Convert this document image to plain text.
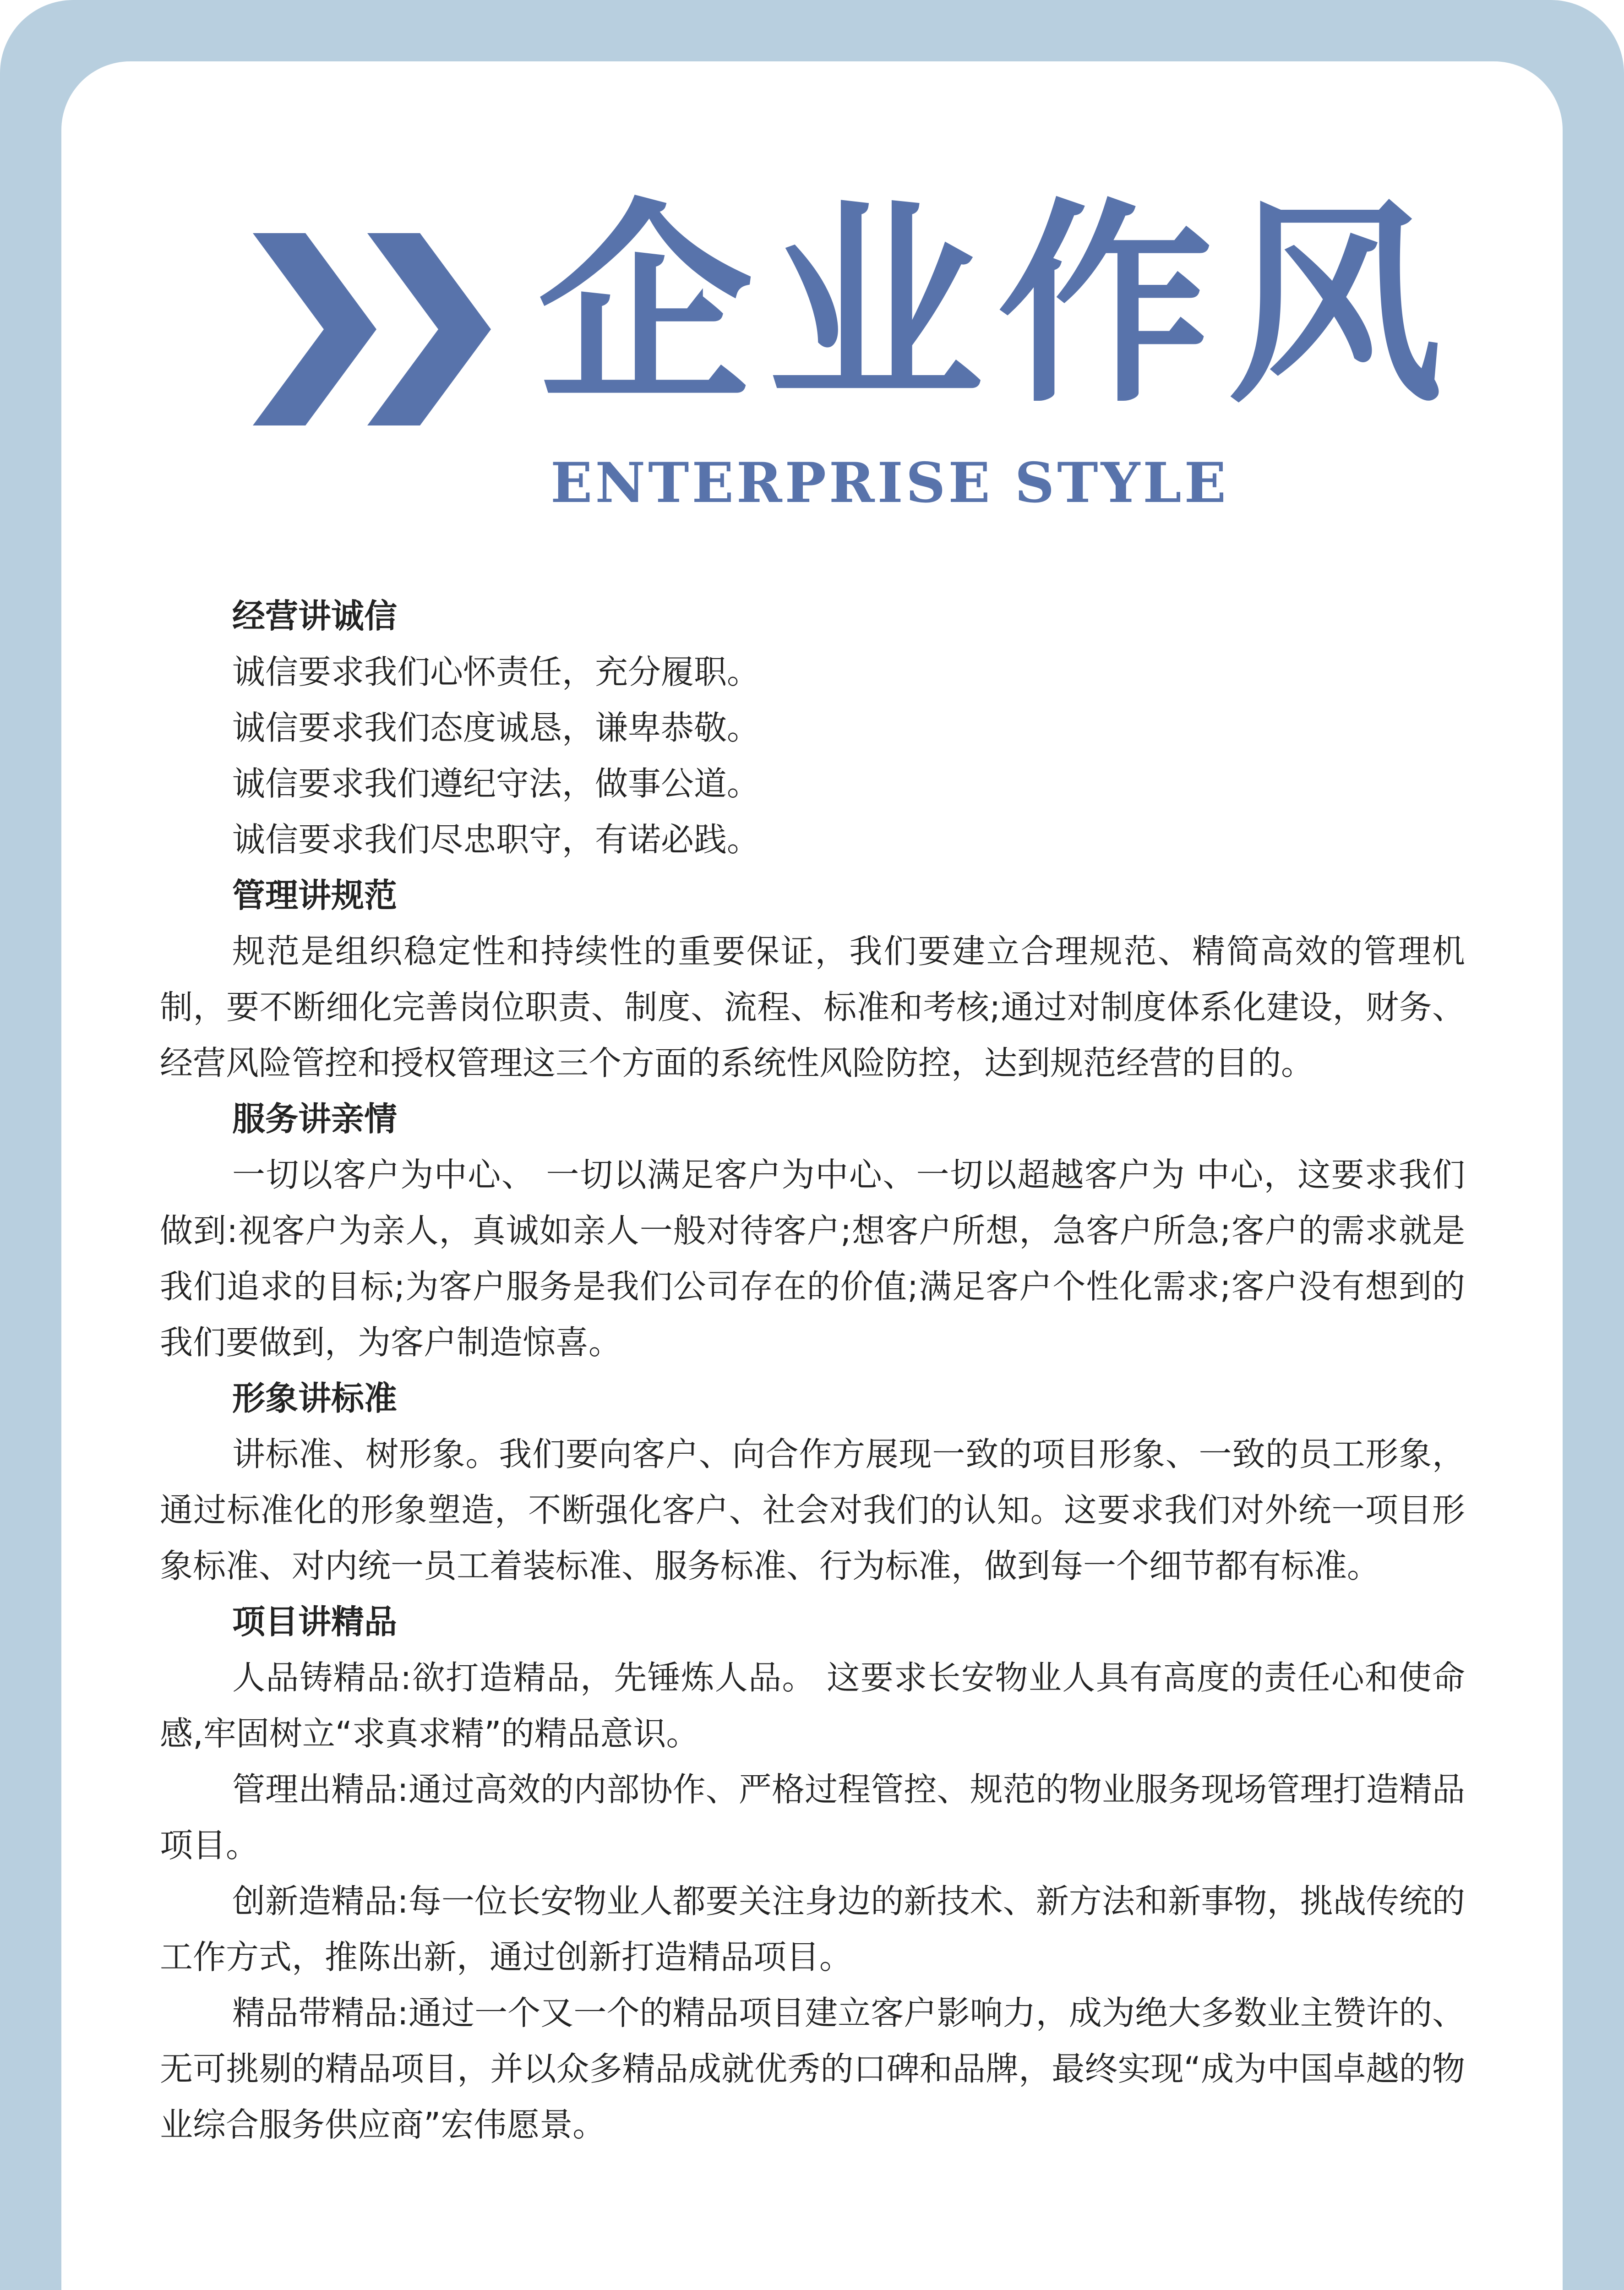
企业作风
ENTERPRISE STYLE

经营讲诚信

诚信要求我们心怀责任，充分履职。

诚信要求我们态度诚恳，谦卑恭敬。

诚信要求我们遵纪守法，做事公道。

诚信要求我们尽忠职守，有诺必践。

管理讲规范

规范是组织稳定性和持续性的重要保证，我们要建立合理规范、精简高效的管理机制，要不断细化完善岗位职责、制度、流程、标准和考核;通过对制度体系化建设，财务、经营风险管控和授权管理这三个方面的系统性风险防控，达到规范经营的目的。

服务讲亲情

一切以客户为中心、 一切以满足客户为中心、一切以超越客户为 中心，这要求我们做到:视客户为亲人，真诚如亲人一般对待客户;想客户所想，急客户所急;客户的需求就是我们追求的目标;为客户服务是我们公司存在的价值;满足客户个性化需求;客户没有想到的我们要做到，为客户制造惊喜。

形象讲标准

讲标准、树形象。我们要向客户、向合作方展现一致的项目形象、一致的员工形象， 通过标准化的形象塑造，不断强化客户、社会对我们的认知。这要求我们对外统一项目形象标准、对内统一员工着装标准、服务标准、行为标准，做到每一个细节都有标准。

项目讲精品

人品铸精品:欲打造精品，先锤炼人品。 这要求长安物业人具有高度的责任心和使命感,牢固树立“求真求精”的精品意识。

管理出精品:通过高效的内部协作、严格过程管控、规范的物业服务现场管理打造精品项目。

创新造精品:每一位长安物业人都要关注身边的新技术、新方法和新事物，挑战传统的工作方式，推陈出新，通过创新打造精品项目。

精品带精品:通过一个又一个的精品项目建立客户影响力，成为绝大多数业主赞许的、无可挑剔的精品项目，并以众多精品成就优秀的口碑和品牌，最终实现“成为中国卓越的物业综合服务供应商”宏伟愿景。
